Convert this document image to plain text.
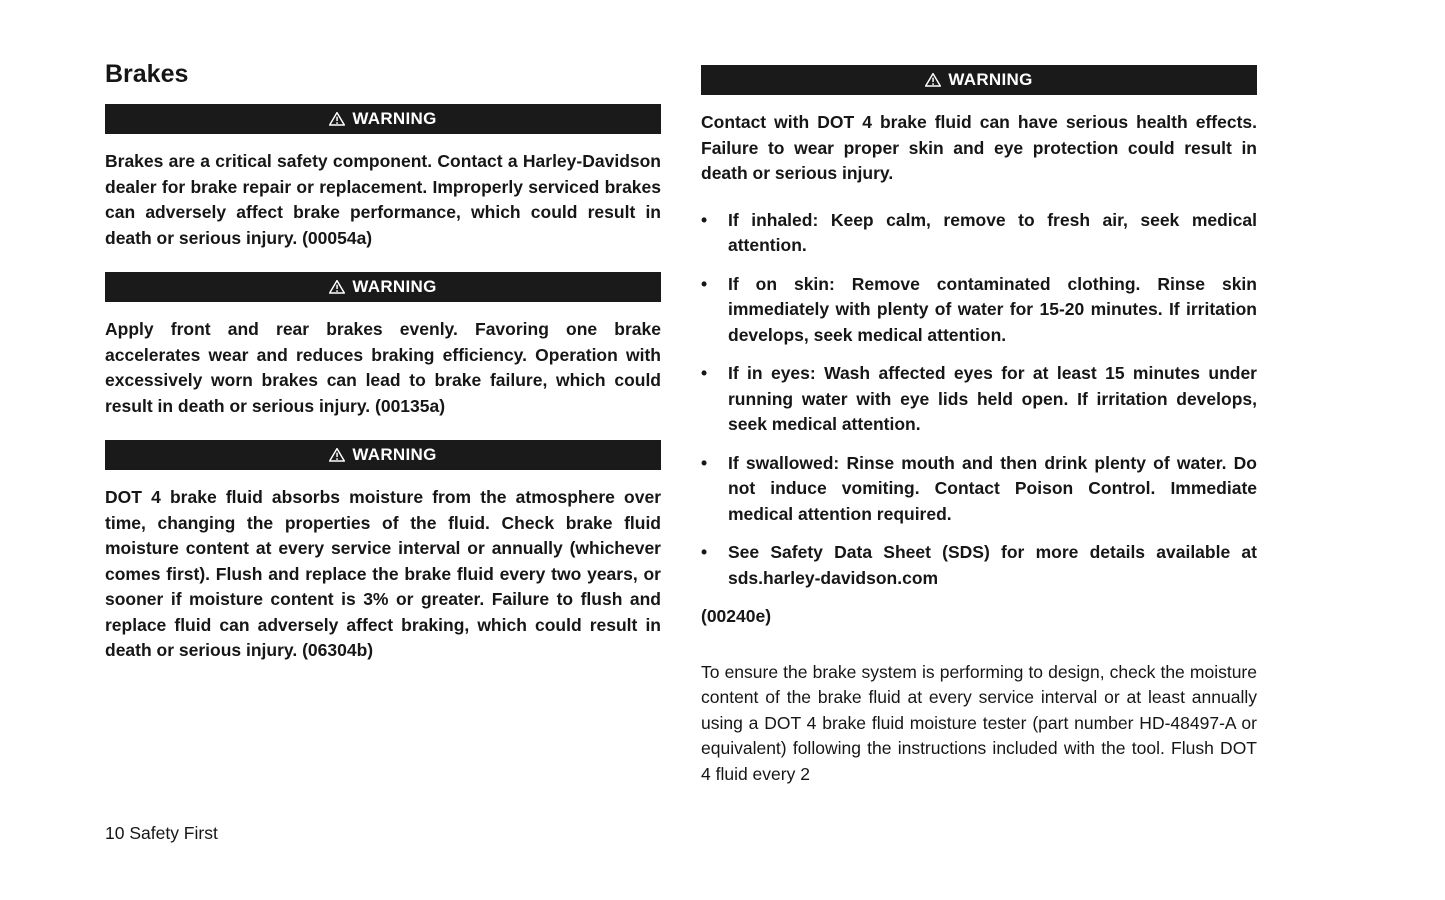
Brakes
WARNING

Brakes are a critical safety component. Contact a Harley-Davidson dealer for brake repair or replacement. Improperly serviced brakes can adversely affect brake performance, which could result in death or serious injury. (00054a)

WARNING

Apply front and rear brakes evenly. Favoring one brake accelerates wear and reduces braking efficiency. Operation with excessively worn brakes can lead to brake failure, which could result in death or serious injury. (00135a)

WARNING

DOT 4 brake fluid absorbs moisture from the atmosphere over time, changing the properties of the fluid. Check brake fluid moisture content at every service interval or annually (whichever comes first). Flush and replace the brake fluid every two years, or sooner if moisture content is 3% or greater. Failure to flush and replace fluid can adversely affect braking, which could result in death or serious injury. (06304b)

WARNING

Contact with DOT 4 brake fluid can have serious health effects. Failure to wear proper skin and eye protection could result in death or serious injury.

•	If inhaled: Keep calm, remove to fresh air, seek medical attention.
•	If on skin: Remove contaminated clothing. Rinse skin immediately with plenty of water for 15-20 minutes. If irritation develops, seek medical attention.
•	If in eyes: Wash affected eyes for at least 15 minutes under running water with eye lids held open. If irritation develops, seek medical attention.
•	If swallowed: Rinse mouth and then drink plenty of water. Do not induce vomiting. Contact Poison Control. Immediate medical attention required.
•	See Safety Data Sheet (SDS) for more details available at sds.harley-davidson.com

(00240e)

To ensure the brake system is performing to design, check the moisture content of the brake fluid at every service interval or at least annually using a DOT 4 brake fluid moisture tester (part number HD-48497-A or equivalent) following the instructions included with the tool. Flush DOT 4 fluid every 2

10 Safety First
